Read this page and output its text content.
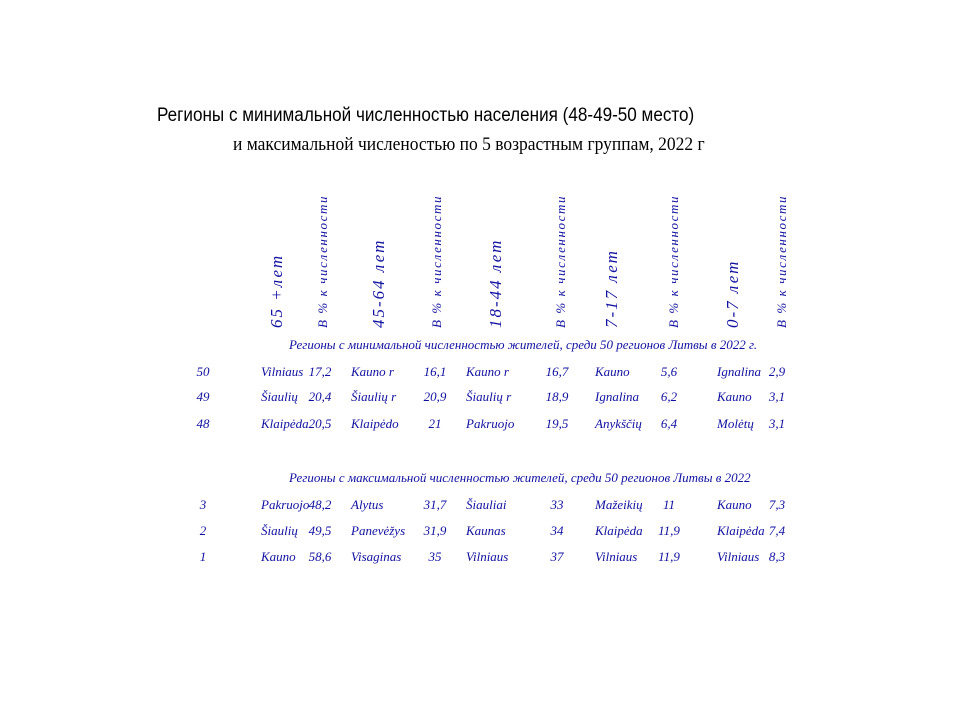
Регионы с минимальной численностью населения (48-49-50 место)
и максимальной численостью по 5 возрастным группам, 2022 г
65 +лет В % к численности 45-64 лет	В % к численности 18-44 лет	В % к численности 7-17 лет	В % к численности 0-7 лет В % к численности
Регионы с минимальной численностью жителей, среди 50 регионов Литвы в 2022 г.
50	Vilniaus 17,2	Kauno r	16,1	Kauno r	16,7	Kauno	5,6	Ignalina 2,9
49	Šiaulių 20,4	Šiaulių r	20,9	Šiaulių r	18,9	Ignalina	6,2	Kauno	3,1
48	Klaipėda 20,5	Klaipėdo	21	Pakruojo	19,5	Anykščių	6,4	Molėtų	3,1
Регионы с максимальной численностью жителей, среди 50 регионов Литвы в 2022
3	Pakruojo 48,2	Alytus	31,7	Šiauliai	33	Mažeikių	11	Kauno	7,3
2	Šiaulių 49,5	Panevėžys	31,9	Kaunas	34	Klaipėda	11,9	Klaipėda 7,4
1	Kauno 58,6	Visaginas	35	Vilniaus	37	Vilniaus	11,9	Vilniaus 8,3
